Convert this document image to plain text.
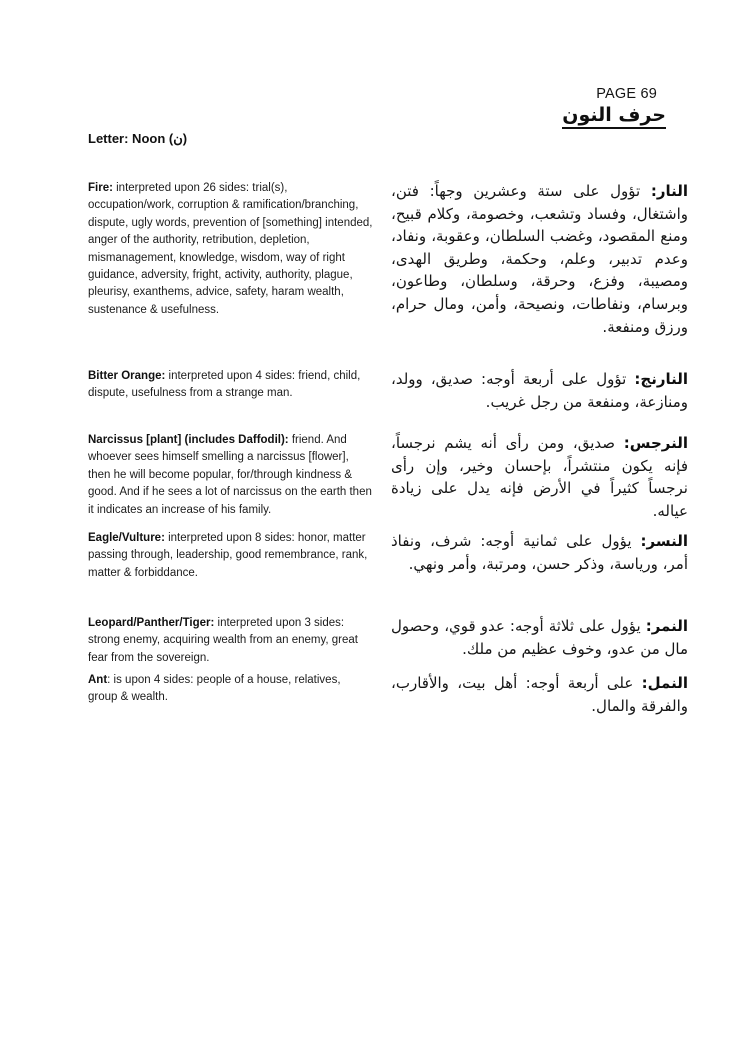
PAGE 69
حرف النون
Letter: Noon (ن)
Fire: interpreted upon 26 sides: trial(s), occupation/work, corruption & ramification/branching, dispute, ugly words, prevention of [something] intended, anger of the authority, retribution, depletion, mismanagement, knowledge, wisdom, way of right guidance, adversity, fright, activity, authority, plague, pleurisy, exanthems, advice, safety, haram wealth, sustenance & usefulness.
النار: تؤول على ستة وعشرين وجهاً: فتن، واشتغال، وفساد وتشعب، وخصومة، وكلام قبيح، ومنع المقصود، وغضب السلطان، وعقوبة، ونفاد، وعدم تدبير، وعلم، وحكمة، وطريق الهدى، ومصيبة، وفزع، وحرقة، وسلطان، وطاعون، وبرسام، ونفاطات، ونصيحة، وأمن، ومال حرام، ورزق ومنفعة.
Bitter Orange: interpreted upon 4 sides: friend, child, dispute, usefulness from a strange man.
النارنج: تؤول على أربعة أوجه: صديق، وولد، ومنازعة، ومنفعة من رجل غريب.
Narcissus [plant] (includes Daffodil): friend. And whoever sees himself smelling a narcissus [flower], then he will become popular, for/through kindness & good. And if he sees a lot of narcissus on the earth then it indicates an increase of his family.
النرجس: صديق، ومن رأى أنه يشم نرجساً، فإنه يكون منتشراً، بإحسان وخير، وإن رأى نرجساً كثيراً في الأرض فإنه يدل على زيادة عياله.
Eagle/Vulture: interpreted upon 8 sides: honor, matter passing through, leadership, good remembrance, rank, matter & forbiddance.
النسر: يؤول على ثمانية أوجه: شرف، ونفاذ أمر، ورياسة، وذكر حسن، ومرتبة، وأمر ونهي.
Leopard/Panther/Tiger: interpreted upon 3 sides: strong enemy, acquiring wealth from an enemy, great fear from the sovereign.
النمر: يؤول على ثلاثة أوجه: عدو قوي، وحصول مال من عدو، وخوف عظيم من ملك.
Ant: is upon 4 sides: people of a house, relatives, group & wealth.
النمل: على أربعة أوجه: أهل بيت، والأقارب، والفرقة والمال.
